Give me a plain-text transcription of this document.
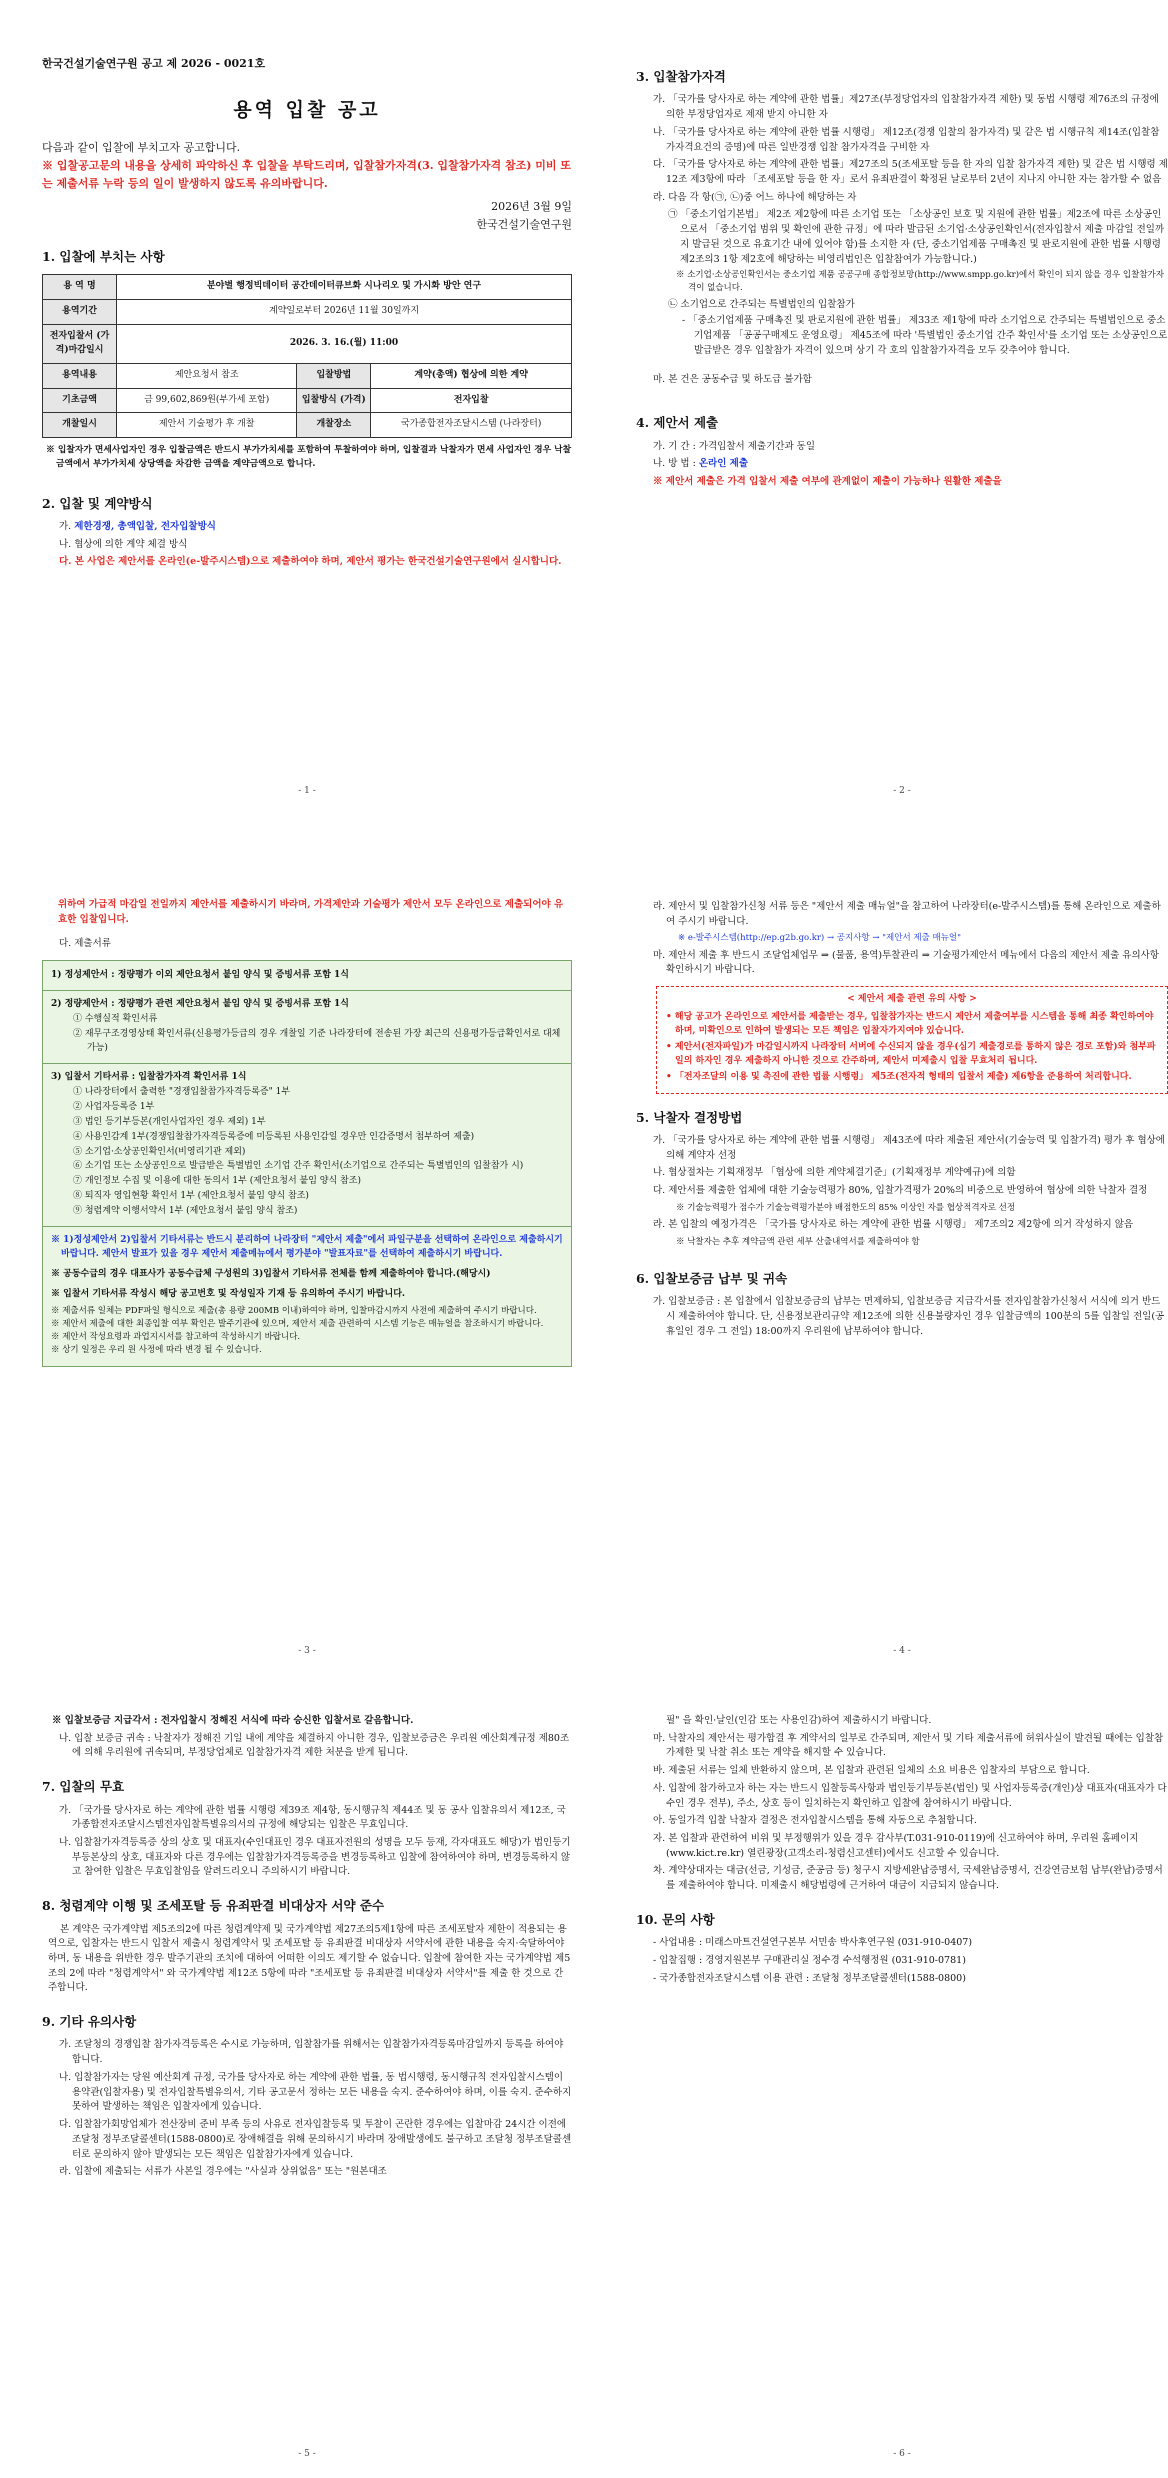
한국건설기술연구원 공고 제 2026 - 0021호
용역 입찰 공고
다음과 같이 입찰에 부치고자 공고합니다.
※ 입찰공고문의 내용을 상세히 파악하신 후 입찰을 부탁드리며, 입찰참가자격(3. 입찰참가자격 참조) 미비 또는 제출서류 누락 등의 일이 발생하지 않도록 유의바랍니다.
2026년 3월 9일
한국건설기술연구원
1. 입찰에 부치는 사항
용 역 명	분야별 행정빅데이터 공간데이터큐브화 시나리오 및 가시화 방안 연구		
용역기간	계약일로부터 2026년 11월 30일까지		
전자입찰서 (가격)마감일시	2026. 3. 16.(월) 11:00		
용역내용	제안요청서 참조	입찰방법	계약(총액) 협상에 의한 계약
기초금액	금 99,602,869원(부가세 포함)	입찰방식 (가격)	전자입찰
개찰일시	제안서 기술평가 후 개찰	개찰장소	국가종합전자조달시스템 (나라장터)
※ 입찰자가 면세사업자인 경우 입찰금액은 반드시 부가가치세를 포함하여 투찰하여야 하며, 입찰결과 낙찰자가 면세 사업자인 경우 낙찰금액에서 부가가치세 상당액을 차감한 금액을 계약금액으로 합니다.
2. 입찰 및 계약방식
가. 제한경쟁, 총액입찰, 전자입찰방식
나. 협상에 의한 계약 체결 방식
다. 본 사업은 제안서를 온라인(e-발주시스템)으로 제출하여야 하며, 제안서 평가는 한국건설기술연구원에서 실시합니다.
- 1 -
3. 입찰참가자격
가. 「국가를 당사자로 하는 계약에 관한 법률」제27조(부정당업자의 입찰참가자격 제한) 및 동법 시행령 제76조의 규정에 의한 부정당업자로 제재 받지 아니한 자
나. 「국가를 당사자로 하는 계약에 관한 법률 시행령」 제12조(경쟁 입찰의 참가자격) 및 같은 법 시행규칙 제14조(입찰참가자격요건의 증명)에 따른 일반경쟁 입찰 참가자격을 구비한 자
다. 「국가를 당사자로 하는 계약에 관한 법률」제27조의 5(조세포탈 등을 한 자의 입찰 참가자격 제한) 및 같은 법 시행령 제12조 제3항에 따라 「조세포탈 등을 한 자」로서 유죄판결이 확정된 날로부터 2년이 지나지 아니한 자는 참가할 수 없음
라. 다음 각 항(㉠, ㉡)중 어느 하나에 해당하는 자
㉠ 「중소기업기본법」 제2조 제2항에 따른 소기업 또는 「소상공인 보호 및 지원에 관한 법률」제2조에 따른 소상공인으로서 「중소기업 범위 및 확인에 관한 규정」에 따라 발급된 소기업·소상공인확인서(전자입찰서 제출 마감일 전일까지 발급된 것으로 유효기간 내에 있어야 함)를 소지한 자 (단, 중소기업제품 구매촉진 및 판로지원에 관한 법률 시행령 제2조의3 1항 제2호에 해당하는 비영리법인은 입찰참여가 가능합니다.)
※ 소기업·소상공인확인서는 중소기업 제품 공공구매 종합정보망(http://www.smpp.go.kr)에서 확인이 되지 않을 경우 입찰참가자격이 없습니다.
㉡ 소기업으로 간주되는 특별법인의 입찰참가
- 「중소기업제품 구매촉진 및 판로지원에 관한 법률」 제33조 제1항에 따라 소기업으로 간주되는 특별법인으로 중소기업제품 「공공구매제도 운영요령」 제45조에 따라 '특별법인 중소기업 간주 확인서'를 소기업 또는 소상공인으로 발급받은 경우 입찰참가 자격이 있으며 상기 각 호의 입찰참가자격을 모두 갖추어야 합니다.
마. 본 건은 공동수급 및 하도급 불가함
4. 제안서 제출
가. 기 간 : 가격입찰서 제출기간과 동일
나. 방 법 : 온라인 제출
※ 제안서 제출은 가격 입찰서 제출 여부에 관계없이 제출이 가능하나 원활한 제출을
- 2 -
위하여 가급적 마감일 전일까지 제안서를 제출하시기 바라며, 가격제안과 기술평가 제안서 모두 온라인으로 제출되어야 유효한 입찰입니다.
다. 제출서류
1) 정성제안서 : 정량평가 이외 제안요청서 붙임 양식 및 증빙서류 포함 1식
2) 정량제안서 : 정량평가 관련 제안요청서 붙임 양식 및 증빙서류 포함 1식
① 수행실적 확인서류
② 재무구조경영상태 확인서류(신용평가등급의 경우 개찰일 기준 나라장터에 전송된 가장 최근의 신용평가등급확인서로 대체 가능)
3) 입찰서 기타서류 : 입찰참가자격 확인서류 1식
① 나라장터에서 출력한 "경쟁입찰참가자격등록증" 1부
② 사업자등록증 1부
③ 법인 등기부등본(개인사업자인 경우 제외) 1부
④ 사용인감계 1부(경쟁입찰참가자격등록증에 미등록된 사용인감일 경우만 인감증명서 첨부하여 제출)
⑤ 소기업·소상공인확인서(비영리기관 제외)
⑥ 소기업 또는 소상공인으로 발급받은 특별법인 소기업 간주 확인서(소기업으로 간주되는 특별법인의 입찰참가 시)
⑦ 개인정보 수집 및 이용에 대한 동의서 1부 (제안요청서 붙임 양식 참조)
⑧ 퇴직자 영입현황 확인서 1부 (제안요청서 붙임 양식 참조)
⑨ 청렴계약 이행서약서 1부 (제안요청서 붙임 양식 참조)
※ 1)정성제안서 2)입찰서 기타서류는 반드시 분리하여 나라장터 "제안서 제출"에서 파일구분을 선택하여 온라인으로 제출하시기 바랍니다. 제안서 발표가 있을 경우 제안서 제출메뉴에서 평가분야 "발표자료"를 선택하여 제출하시기 바랍니다.
※ 공동수급의 경우 대표사가 공동수급체 구성원의 3)입찰서 기타서류 전체를 함께 제출하여야 합니다.(해당시)
※ 입찰서 기타서류 작성시 해당 공고번호 및 작성일자 기재 등 유의하여 주시기 바랍니다.
※ 제출서류 일체는 PDF파일 형식으로 제출(총 용량 200MB 이내)하여야 하며, 입찰마감시까지 사전에 제출하여 주시기 바랍니다.
※ 제안서 제출에 대한 최종입찰 여부 확인은 발주기관에 있으며, 제안서 제출 관련하여 시스템 기능은 매뉴얼을 참조하시기 바랍니다.
※ 제안서 작성요령과 과업지시서를 참고하여 작성하시기 바랍니다.
※ 상기 일정은 우리 원 사정에 따라 변경 될 수 있습니다.
- 3 -
라. 제안서 및 입찰참가신청 서류 등은 "제안서 제출 매뉴얼"을 참고하여 나라장터(e-발주시스템)를 통해 온라인으로 제출하여 주시기 바랍니다.
※ e-발주시스템(http://ep.g2b.go.kr) → 공지사항 → "제안서 제출 매뉴얼"
마. 제안서 제출 후 반드시 조달업체업무 ⇒ (물품, 용역)투찰관리 ⇒ 기술평가제안서 메뉴에서 다음의 제안서 제출 유의사항 확인하시기 바랍니다.
< 제안서 제출 관련 유의 사항 >
• 해당 공고가 온라인으로 제안서를 제출받는 경우, 입찰참가자는 반드시 제안서 제출여부를 시스템을 통해 최종 확인하여야 하며, 미확인으로 인하여 발생되는 모든 책임은 입찰자가지여야 있습니다.
• 제안서(전자파일)가 마감일시까지 나라장터 서버에 수신되지 않을 경우(심기 제출경로를 통하지 않은 경로 포함)와 첨부파일의 하자인 경우 제출하지 아니한 것으로 간주하며, 제안서 미제출시 입찰 무효처리 됩니다.
• 「전자조달의 이용 및 촉진에 관한 법률 시행령」 제5조(전자적 형태의 입찰서 제출) 제6항을 준용하여 처리합니다.
5. 낙찰자 결정방법
가. 「국가를 당사자로 하는 계약에 관한 법률 시행령」 제43조에 따라 제출된 제안서(기술능력 및 입찰가격) 평가 후 협상에 의해 계약자 선정
나. 협상절차는 기획재정부 「협상에 의한 계약체결기준」(기획재정부 계약예규)에 의함
다. 제안서를 제출한 업체에 대한 기술능력평가 80%, 입찰가격평가 20%의 비중으로 반영하여 협상에 의한 낙찰자 결정
※ 기술능력평가 점수가 기술능력평가분야 배점한도의 85% 이상인 자를 협상적격자로 선정
라. 본 입찰의 예정가격은 「국가를 당사자로 하는 계약에 관한 법률 시행령」 제7조의2 제2항에 의거 작성하지 않음
※ 낙찰자는 추후 계약금액 관련 세부 산출내역서를 제출하여야 함
6. 입찰보증금 납부 및 귀속
가. 입찰보증금 : 본 입찰에서 입찰보증금의 납부는 면제하되, 입찰보증금 지급각서를 전자입찰참가신청서 서식에 의거 반드시 제출하여야 합니다. 단, 신용정보관리규약 제12조에 의한 신용불량자인 경우 입찰금액의 100분의 5를 입찰일 전일(공휴일인 경우 그 전일) 18:00까지 우리원에 납부하여야 합니다.
- 4 -
※ 입찰보증금 지급각서 : 전자입찰시 정해진 서식에 따라 승신한 입찰서로 갈음합니다.
나. 입찰 보증금 귀속 : 낙찰자가 정해진 기일 내에 계약을 체결하지 아니한 경우, 입찰보증금은 우리원 예산회계규정 제80조에 의해 우리원에 귀속되며, 부정당업체로 입찰참가자격 제한 처분을 받게 됩니다.
7. 입찰의 무효
가. 「국가를 당사자로 하는 계약에 관한 법률 시행령 제39조 제4항, 동시행규칙 제44조 및 동 공사 입찰유의서 제12조, 국가종합전자조달시스템전자입찰특별유의서의 규정에 해당되는 입찰은 무효입니다.
나. 입찰참가자격등록증 상의 상호 및 대표자(수인대표인 경우 대표자전원의 성명을 모두 등재, 각자대표도 해당)가 법인등기부등본상의 상호, 대표자와 다른 경우에는 입찰참가자격등록증을 변경등록하고 입찰에 참여하여야 하며, 변경등록하지 않고 참여한 입찰은 무효입찰임을 알려드리오니 주의하시기 바랍니다.
8. 청렴계약 이행 및 조세포탈 등 유죄판결 비대상자 서약 준수
본 계약은 국가계약법 제5조의2에 따른 청렴계약제 및 국가계약법 제27조의5제1항에 따른 조세포탈자 제한이 적용되는 용역으로, 입찰자는 반드시 입찰서 제출시 청렴계약서 및 조세포탈 등 유죄판결 비대상자 서약서에 관한 내용을 숙지·숙달하여야 하며, 동 내용을 위반한 경우 발주기관의 조치에 대하여 어떠한 이의도 제기할 수 없습니다. 입찰에 참여한 자는 국가계약법 제5조의 2에 따라 "청렴계약서" 와 국가계약법 제12조 5항에 따라 "조세포탈 등 유죄판결 비대상자 서약서"를 제출 한 것으로 간주합니다.
9. 기타 유의사항
가. 조달청의 경쟁입찰 참가자격등록은 수시로 가능하며, 입찰참가를 위해서는 입찰참가자격등록마감일까지 등록을 하여야 합니다.
나. 입찰참가자는 당원 예산회계 규정, 국가를 당사자로 하는 계약에 관한 법률, 동 법시행령, 동시행규칙 전자입찰시스템이용약관(입찰자용) 및 전자입찰특별유의서, 기타 공고문서 정하는 모든 내용을 숙지. 준수하여야 하며, 이를 숙지. 준수하지 못하여 발생하는 책임은 입찰자에게 있습니다.
다. 입찰참가회망업체가 전산장비 준비 부족 등의 사유로 전자입찰등록 및 투찰이 곤란한 경우에는 입찰마감 24시간 이전에 조달청 정부조달콜센터(1588-0800)로 장애해결을 위해 문의하시기 바라며 장애발생에도 불구하고 조달청 정부조달콜센터로 문의하지 않아 발생되는 모든 책임은 입찰참가자에게 있습니다.
라. 입찰에 제출되는 서류가 사본일 경우에는 "사실과 상위없음" 또는 "원본대조
- 5 -
필" 을 확인·날인(인감 또는 사용인감)하여 제출하시기 바랍니다.
마. 낙찰자의 제안서는 평가합결 후 계약서의 일부로 간주되며, 제안서 및 기타 제출서류에 허위사실이 발견될 때에는 입찰참가제한 및 낙찰 취소 또는 계약을 해지할 수 있습니다.
바. 제출된 서류는 일체 반환하지 않으며, 본 입찰과 관련된 일체의 소요 비용은 입찰자의 부담으로 합니다.
사. 입찰에 참가하고자 하는 자는 반드시 입찰등록사항과 법인등기부등본(법인) 및 사업자등록증(개인)상 대표자(대표자가 다수인 경우 전부), 주소, 상호 등이 일치하는지 확인하고 입찰에 참여하시기 바랍니다.
아. 동일가격 입찰 낙찰자 결정은 전자입찰시스템을 통해 자동으로 추첨합니다.
자. 본 입찰과 관련하여 비위 및 부정행위가 있을 경우 감사부(T.031-910-0119)에 신고하여야 하며, 우리원 홈페이지(www.kict.re.kr) 열린광장(고객소리-청렴신고센터)에서도 신고할 수 있습니다.
차. 계약상대자는 대금(선금, 기성금, 준공금 등) 청구시 지방세완납증명서, 국세완납증명서, 건강연금보험 납부(완납)증명서를 제출하여야 합니다. 미제출시 해당법령에 근거하여 대금이 지급되지 않습니다.
10. 문의 사항
- 사업내용 : 미래스마트건설연구본부 서민송 박사후연구원 (031-910-0407)
- 입찰집행 : 경영지원본부 구매관리실 정수경 수석행정원 (031-910-0781)
- 국가종합전자조달시스템 이용 관련 : 조달청 정부조달콜센터(1588-0800)
- 6 -
